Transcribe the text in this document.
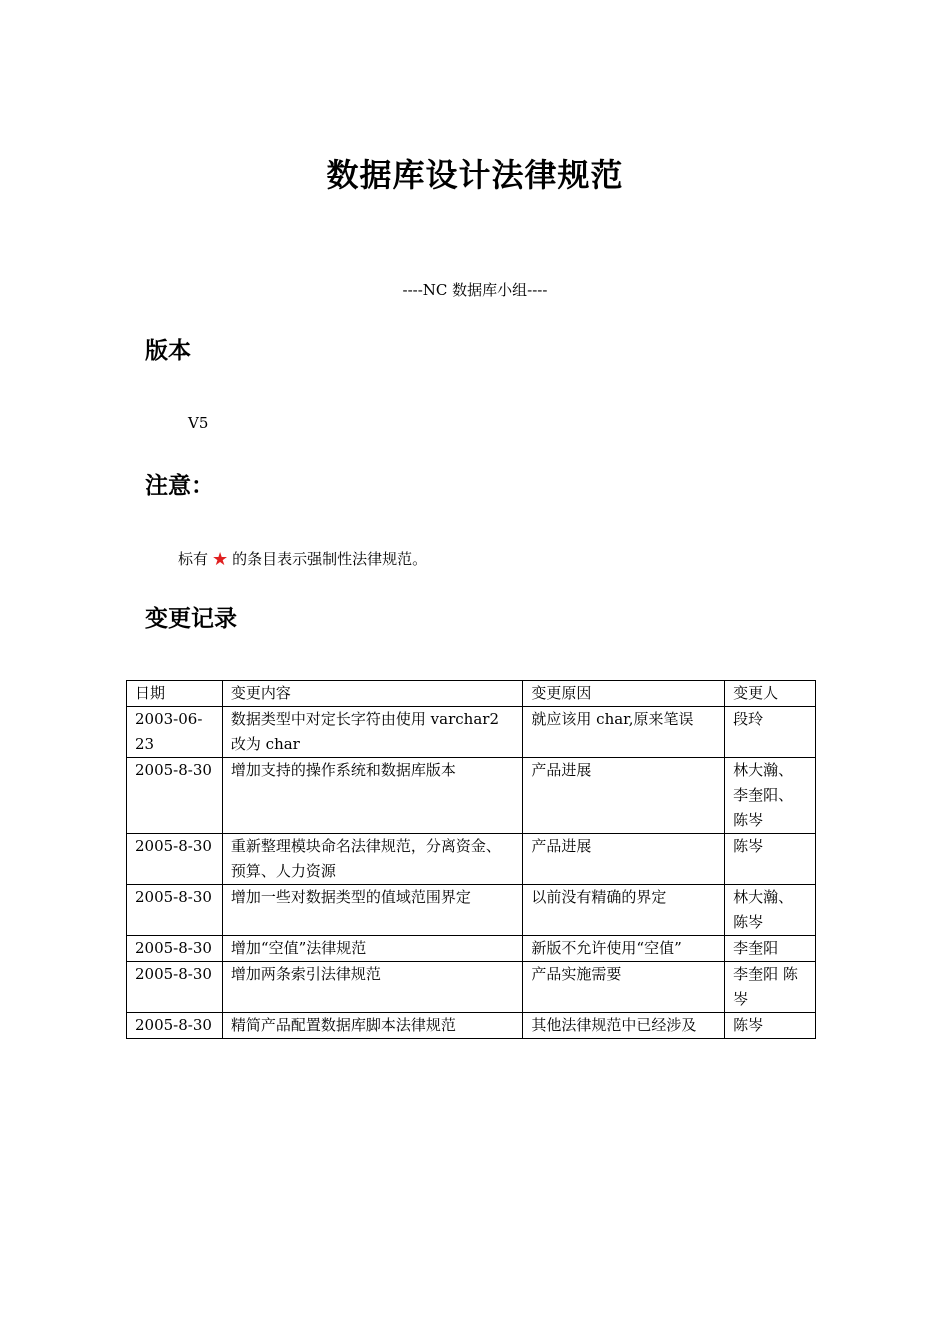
数据库设计法律规范
----NC 数据库小组----
版本
V5
注意：
标有 ★ 的条目表示强制性法律规范。
变更记录
日期	变更内容	变更原因	变更人
2003-06-23	数据类型中对定长字符由使用 varchar2 改为 char	就应该用 char,原来笔误	段玲
2005-8-30	增加支持的操作系统和数据库版本	产品进展	林大瀚、李奎阳、陈岑
2005-8-30	重新整理模块命名法律规范，分离资金、预算、人力资源	产品进展	陈岑
2005-8-30	增加一些对数据类型的值域范围界定	以前没有精确的界定	林大瀚、陈岑
2005-8-30	增加“空值”法律规范	新版不允许使用“空值”	李奎阳
2005-8-30	增加两条索引法律规范	产品实施需要	李奎阳 陈岑
2005-8-30	精简产品配置数据库脚本法律规范	其他法律规范中已经涉及	陈岑
